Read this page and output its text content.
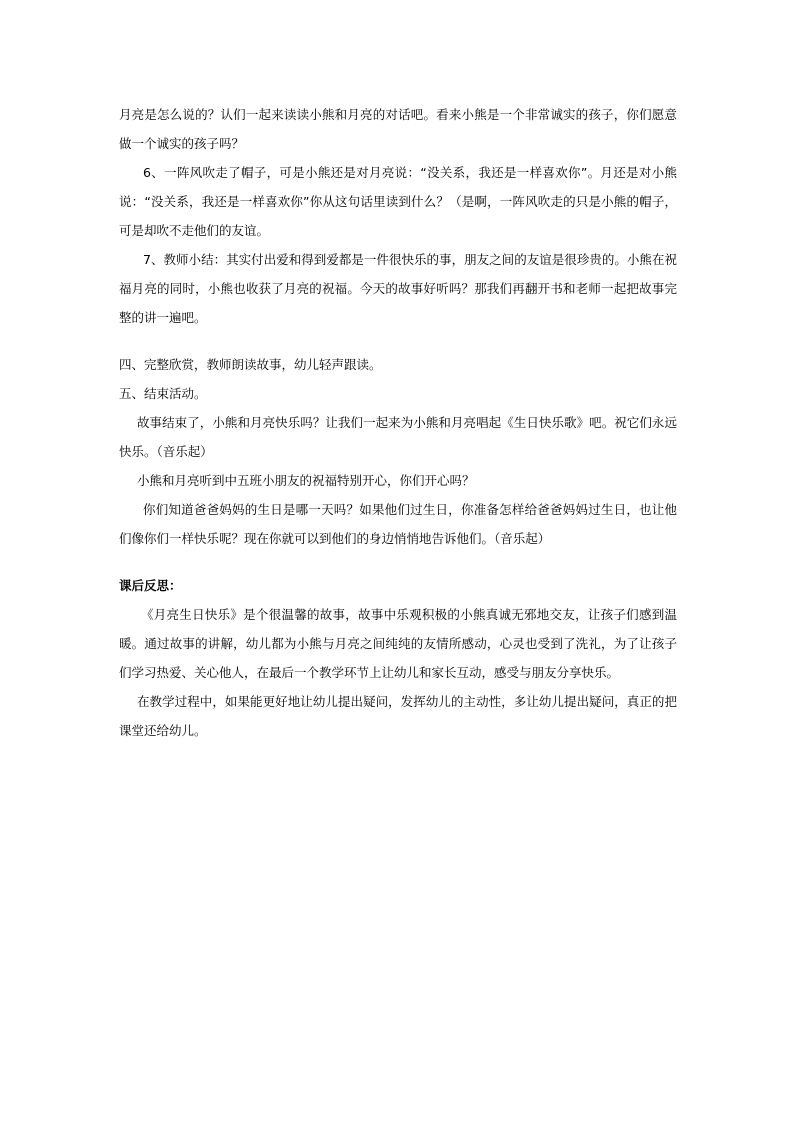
月亮是怎么说的？认们一起来读读小熊和月亮的对话吧。看来小熊是一个非常诚实的孩子，你们愿意做一个诚实的孩子吗？

6、一阵风吹走了帽子，可是小熊还是对月亮说：“没关系，我还是一样喜欢你”。月还是对小熊说：“没关系，我还是一样喜欢你”你从这句话里读到什么？（是啊，一阵风吹走的只是小熊的帽子，可是却吹不走他们的友谊。

7、教师小结：其实付出爱和得到爱都是一件很快乐的事，朋友之间的友谊是很珍贵的。小熊在祝福月亮的同时，小熊也收获了月亮的祝福。今天的故事好听吗？那我们再翻开书和老师一起把故事完整的讲一遍吧。

四、完整欣赏，教师朗读故事，幼儿轻声跟读。

五、结束活动。

故事结束了，小熊和月亮快乐吗？让我们一起来为小熊和月亮唱起《生日快乐歌》吧。祝它们永远快乐。（音乐起）

小熊和月亮听到中五班小朋友的祝福特别开心，你们开心吗？

你们知道爸爸妈妈的生日是哪一天吗？如果他们过生日，你准备怎样给爸爸妈妈过生日，也让他们像你们一样快乐呢？现在你就可以到他们的身边悄悄地告诉他们。（音乐起）

课后反思：

《月亮生日快乐》是个很温馨的故事，故事中乐观积极的小熊真诚无邪地交友，让孩子们感到温暖。通过故事的讲解，幼儿都为小熊与月亮之间纯纯的友情所感动，心灵也受到了洗礼，为了让孩子们学习热爱、关心他人，在最后一个教学环节上让幼儿和家长互动，感受与朋友分享快乐。

在教学过程中，如果能更好地让幼儿提出疑问，发挥幼儿的主动性，多让幼儿提出疑问，真正的把课堂还给幼儿。
